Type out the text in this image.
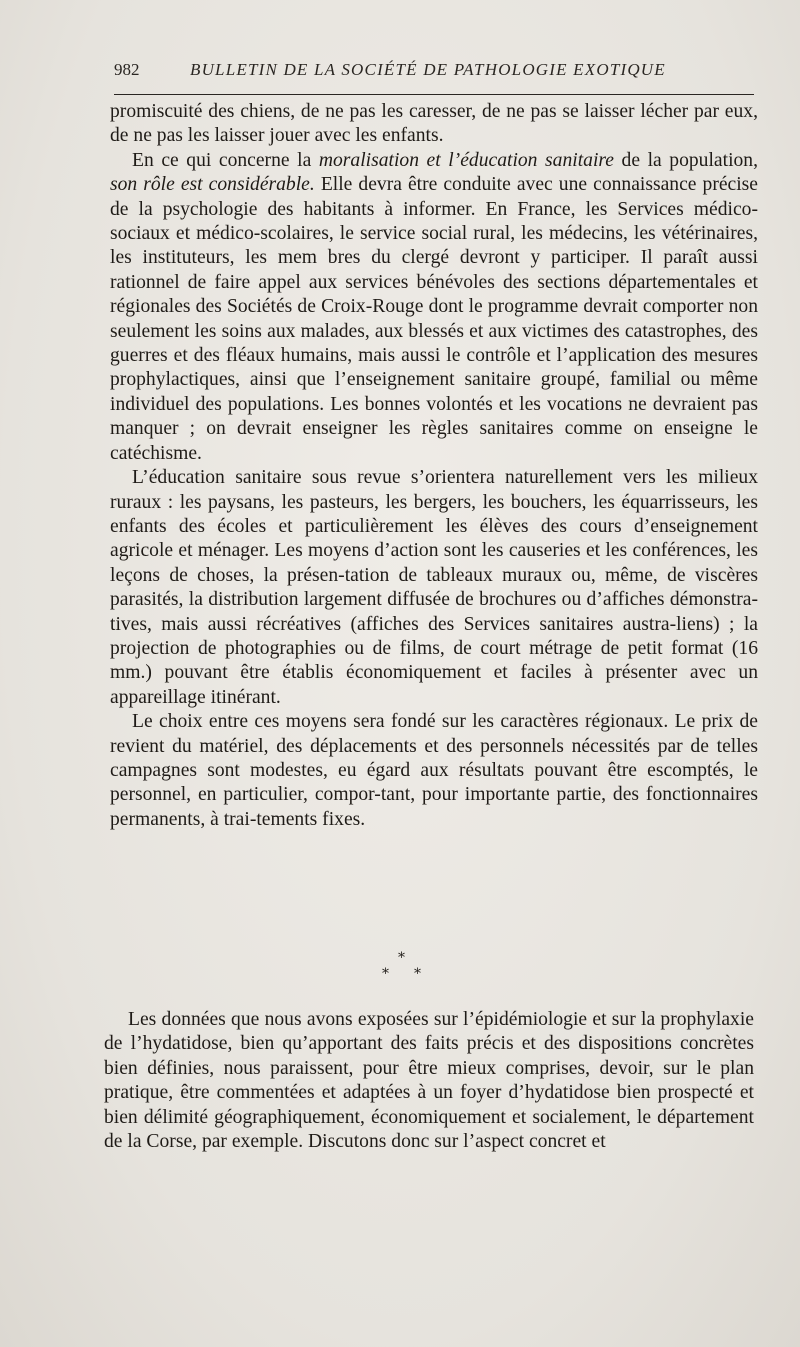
982	BULLETIN DE LA SOCIÉTÉ DE PATHOLOGIE EXOTIQUE

promiscuité des chiens, de ne pas les caresser, de ne pas se laisser lécher par eux, de ne pas les laisser jouer avec les enfants.

En ce qui concerne la moralisation et l’éducation sanitaire de la population, son rôle est considérable. Elle devra être conduite avec une connaissance précise de la psychologie des habitants à informer. En France, les Services médico-sociaux et médico-scolaires, le service social rural, les médecins, les vétérinaires, les instituteurs, les mem bres du clergé devront y participer. Il paraît aussi rationnel de faire appel aux services bénévoles des sections départementales et régionales des Sociétés de Croix-Rouge dont le programme devrait comporter non seulement les soins aux malades, aux blessés et aux victimes des catastrophes, des guerres et des fléaux humains, mais aussi le contrôle et l’application des mesures prophylactiques, ainsi que l’enseignement sanitaire groupé, familial ou même individuel des populations. Les bonnes volontés et les vocations ne devraient pas manquer ; on devrait enseigner les règles sanitaires comme on enseigne le catéchisme.

L’éducation sanitaire sous revue s’orientera naturellement vers les milieux ruraux : les paysans, les pasteurs, les bergers, les bouchers, les équarrisseurs, les enfants des écoles et particulièrement les élèves des cours d’enseignement agricole et ménager. Les moyens d’action sont les causeries et les conférences, les leçons de choses, la présen-tation de tableaux muraux ou, même, de viscères parasités, la distribution largement diffusée de brochures ou d’affiches démonstra-tives, mais aussi récréatives (affiches des Services sanitaires austra-liens) ; la projection de photographies ou de films, de court métrage de petit format (16 mm.) pouvant être établis économiquement et faciles à présenter avec un appareillage itinérant.

Le choix entre ces moyens sera fondé sur les caractères régionaux. Le prix de revient du matériel, des déplacements et des personnels nécessités par de telles campagnes sont modestes, eu égard aux résultats pouvant être escomptés, le personnel, en particulier, compor-tant, pour importante partie, des fonctionnaires permanents, à trai-tements fixes.

*
* *

Les données que nous avons exposées sur l’épidémiologie et sur la prophylaxie de l’hydatidose, bien qu’apportant des faits précis et des dispositions concrètes bien définies, nous paraissent, pour être mieux comprises, devoir, sur le plan pratique, être commentées et adaptées à un foyer d’hydatidose bien prospecté et bien délimité géographiquement, économiquement et socialement, le département de la Corse, par exemple. Discutons donc sur l’aspect concret et
